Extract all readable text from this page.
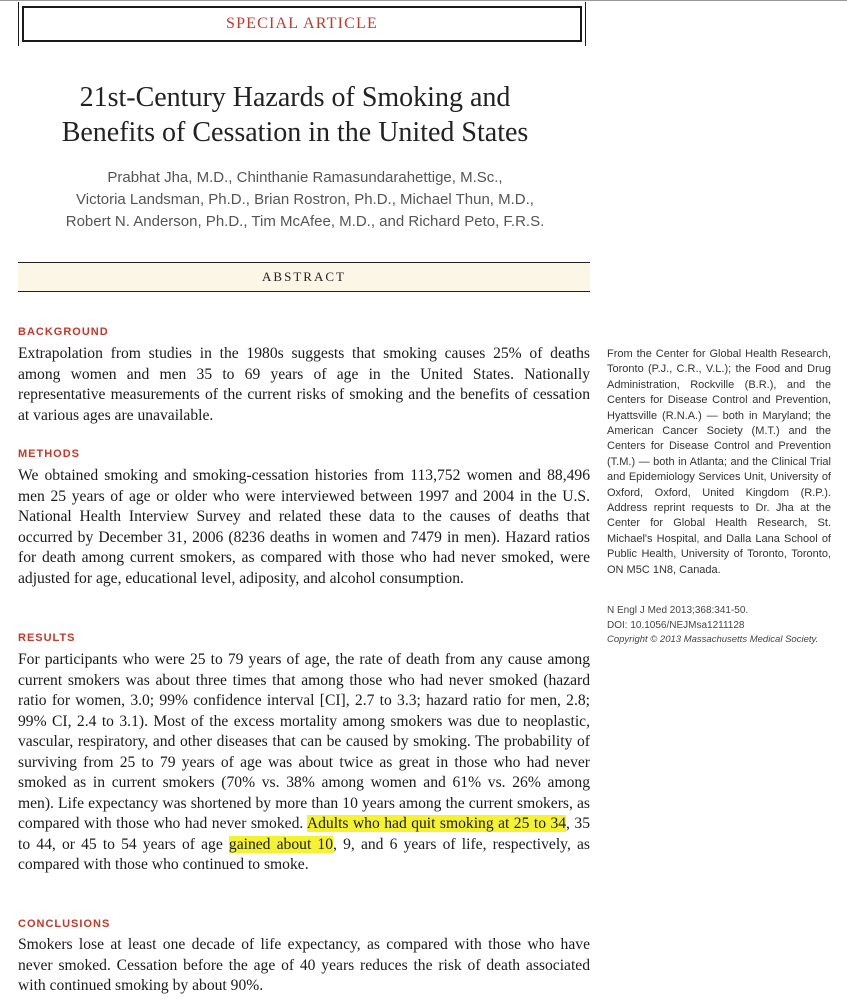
SPECIAL ARTICLE
21st-Century Hazards of Smoking and
Benefits of Cessation in the United States
Prabhat Jha, M.D., Chinthanie Ramasundarahettige, M.Sc.,
Victoria Landsman, Ph.D., Brian Rostron, Ph.D., Michael Thun, M.D.,
Robert N. Anderson, Ph.D., Tim McAfee, M.D., and Richard Peto, F.R.S.
ABSTRACT
BACKGROUND
Extrapolation from studies in the 1980s suggests that smoking causes 25% of deaths among women and men 35 to 69 years of age in the United States. Nationally representative measurements of the current risks of smoking and the benefits of cessation at various ages are unavailable.
METHODS
We obtained smoking and smoking-cessation histories from 113,752 women and 88,496 men 25 years of age or older who were interviewed between 1997 and 2004 in the U.S. National Health Interview Survey and related these data to the causes of deaths that occurred by December 31, 2006 (8236 deaths in women and 7479 in men). Hazard ratios for death among current smokers, as compared with those who had never smoked, were adjusted for age, educational level, adiposity, and alcohol consumption.
RESULTS
For participants who were 25 to 79 years of age, the rate of death from any cause among current smokers was about three times that among those who had never smoked (hazard ratio for women, 3.0; 99% confidence interval [CI], 2.7 to 3.3; hazard ratio for men, 2.8; 99% CI, 2.4 to 3.1). Most of the excess mortality among smokers was due to neoplastic, vascular, respiratory, and other diseases that can be caused by smoking. The probability of surviving from 25 to 79 years of age was about twice as great in those who had never smoked as in current smokers (70% vs. 38% among women and 61% vs. 26% among men). Life expectancy was shortened by more than 10 years among the current smokers, as compared with those who had never smoked. Adults who had quit smoking at 25 to 34, 35 to 44, or 45 to 54 years of age gained about 10, 9, and 6 years of life, respectively, as compared with those who continued to smoke.
CONCLUSIONS
Smokers lose at least one decade of life expectancy, as compared with those who have never smoked. Cessation before the age of 40 years reduces the risk of death associated with continued smoking by about 90%.
From the Center for Global Health Research, Toronto (P.J., C.R., V.L.); the Food and Drug Administration, Rockville (B.R.), and the Centers for Disease Control and Prevention, Hyattsville (R.N.A.) — both in Maryland; the American Cancer Society (M.T.) and the Centers for Disease Control and Prevention (T.M.) — both in Atlanta; and the Clinical Trial and Epidemiology Services Unit, University of Oxford, Oxford, United Kingdom (R.P.). Address reprint requests to Dr. Jha at the Center for Global Health Research, St. Michael's Hospital, and Dalla Lana School of Public Health, University of Toronto, Toronto, ON M5C 1N8, Canada.
N Engl J Med 2013;368:341-50.
DOI: 10.1056/NEJMsa1211128
Copyright © 2013 Massachusetts Medical Society.
